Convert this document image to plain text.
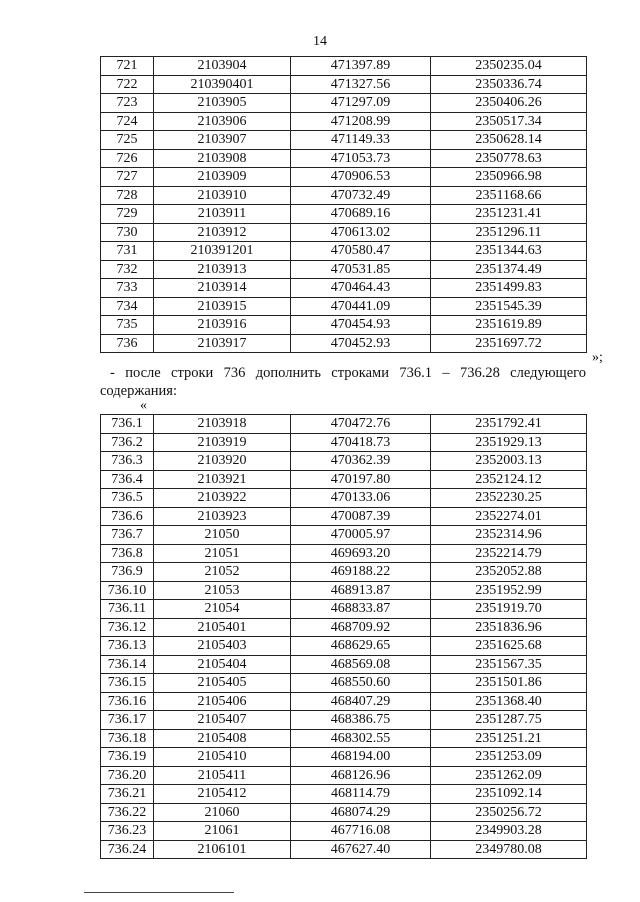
14
721	2103904	471397.89	2350235.04
722	210390401	471327.56	2350336.74
723	2103905	471297.09	2350406.26
724	2103906	471208.99	2350517.34
725	2103907	471149.33	2350628.14
726	2103908	471053.73	2350778.63
727	2103909	470906.53	2350966.98
728	2103910	470732.49	2351168.66
729	2103911	470689.16	2351231.41
730	2103912	470613.02	2351296.11
731	210391201	470580.47	2351344.63
732	2103913	470531.85	2351374.49
733	2103914	470464.43	2351499.83
734	2103915	470441.09	2351545.39
735	2103916	470454.93	2351619.89
736	2103917	470452.93	2351697.72
»;
- после строки 736 дополнить строками 736.1 – 736.28 следующего содержания:
«
736.1	2103918	470472.76	2351792.41
736.2	2103919	470418.73	2351929.13
736.3	2103920	470362.39	2352003.13
736.4	2103921	470197.80	2352124.12
736.5	2103922	470133.06	2352230.25
736.6	2103923	470087.39	2352274.01
736.7	21050	470005.97	2352314.96
736.8	21051	469693.20	2352214.79
736.9	21052	469188.22	2352052.88
736.10	21053	468913.87	2351952.99
736.11	21054	468833.87	2351919.70
736.12	2105401	468709.92	2351836.96
736.13	2105403	468629.65	2351625.68
736.14	2105404	468569.08	2351567.35
736.15	2105405	468550.60	2351501.86
736.16	2105406	468407.29	2351368.40
736.17	2105407	468386.75	2351287.75
736.18	2105408	468302.55	2351251.21
736.19	2105410	468194.00	2351253.09
736.20	2105411	468126.96	2351262.09
736.21	2105412	468114.79	2351092.14
736.22	21060	468074.29	2350256.72
736.23	21061	467716.08	2349903.28
736.24	2106101	467627.40	2349780.08
